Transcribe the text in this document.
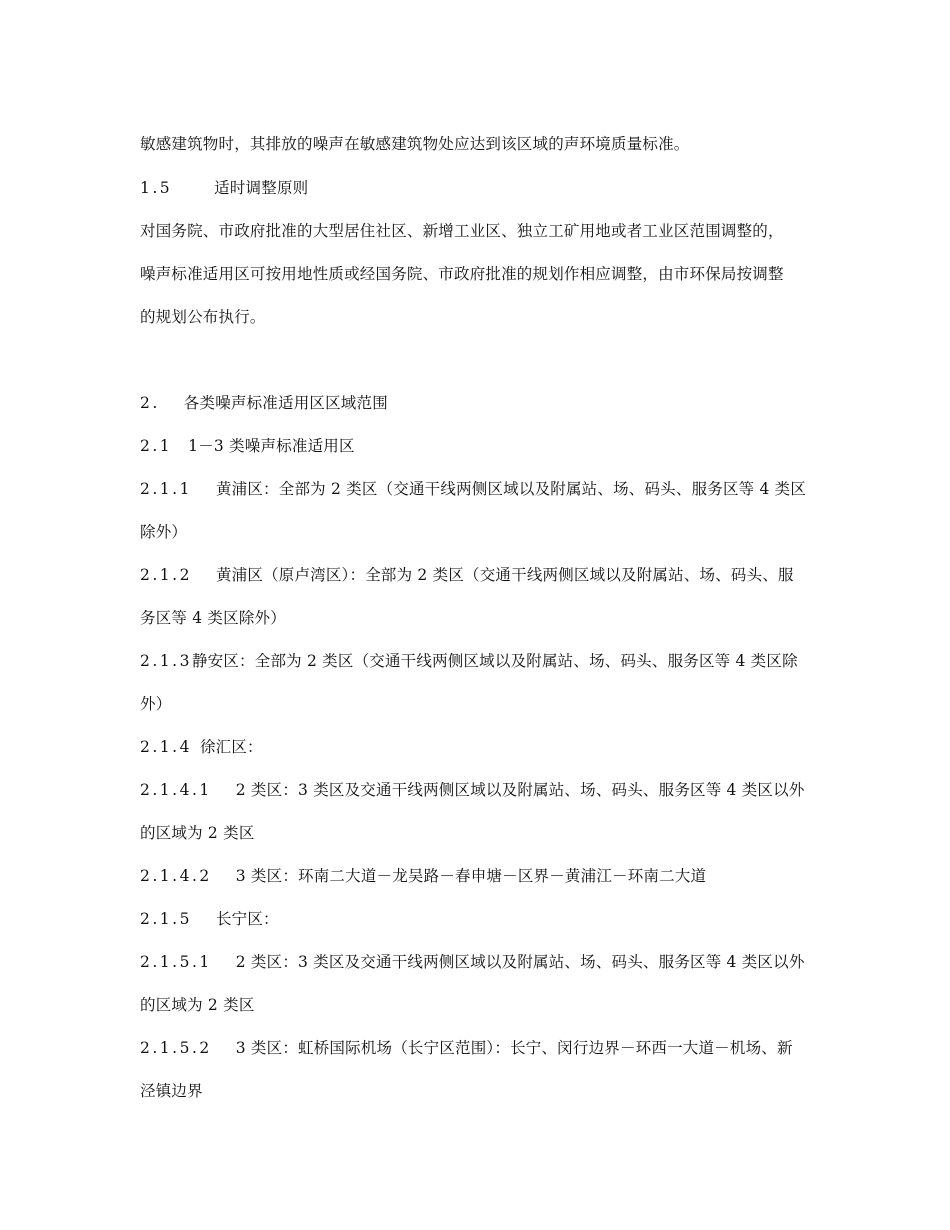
敏感建筑物时，其排放的噪声在敏感建筑物处应达到该区域的声环境质量标准。
1.5	适时调整原则
对国务院、市政府批准的大型居住社区、新增工业区、独立工矿用地或者工业区范围调整的，
噪声标准适用区可按用地性质或经国务院、市政府批准的规划作相应调整，由市环保局按调整
的规划公布执行。
2. 各类噪声标准适用区区域范围
2.1 1－3 类噪声标准适用区
2.1.1 黄浦区：全部为 2 类区（交通干线两侧区域以及附属站、场、码头、服务区等 4 类区
除外）
2.1.2 黄浦区（原卢湾区）：全部为 2 类区（交通干线两侧区域以及附属站、场、码头、服
务区等 4 类区除外）
2.1.3静安区：全部为 2 类区（交通干线两侧区域以及附属站、场、码头、服务区等 4 类区除
外）
2.1.4 徐汇区：
2.1.4.1 2 类区：3 类区及交通干线两侧区域以及附属站、场、码头、服务区等 4 类区以外
的区域为 2 类区
2.1.4.2 3 类区：环南二大道－龙吴路－春申塘－区界－黄浦江－环南二大道
2.1.5 长宁区：
2.1.5.1 2 类区：3 类区及交通干线两侧区域以及附属站、场、码头、服务区等 4 类区以外
的区域为 2 类区
2.1.5.2 3 类区：虹桥国际机场（长宁区范围）：长宁、闵行边界－环西一大道－机场、新
泾镇边界
